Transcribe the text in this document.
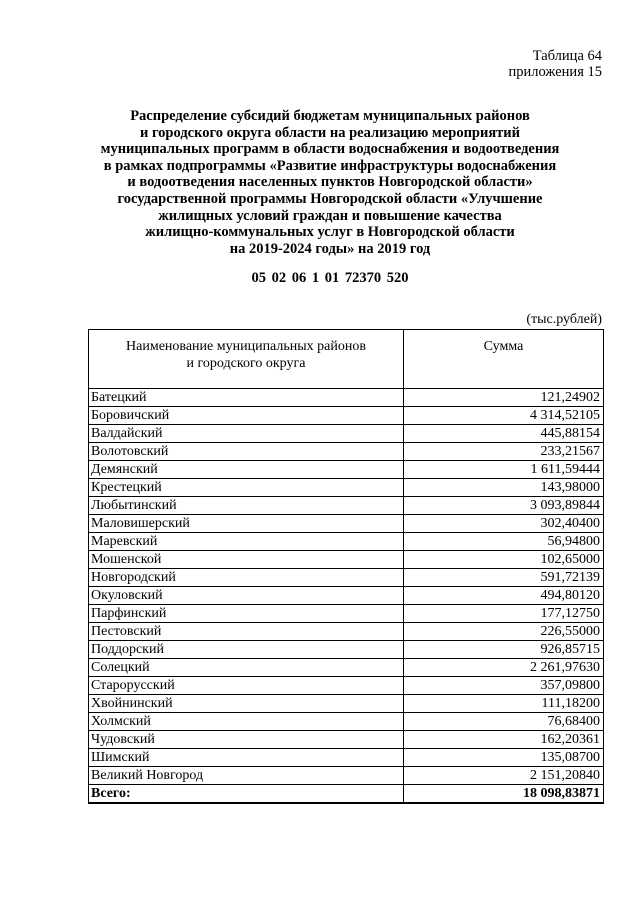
Таблица 64
приложения 15
Распределение субсидий бюджетам муниципальных районов
и городского округа области на реализацию мероприятий
муниципальных программ в области водоснабжения и водоотведения
в рамках подпрограммы «Развитие инфраструктуры водоснабжения
и водоотведения населенных пунктов Новгородской области»
государственной программы Новгородской области «Улучшение
жилищных условий граждан и повышение качества
жилищно-коммунальных услуг в Новгородской области
на 2019-2024 годы» на 2019 год
05 02 06 1 01 72370 520
(тыс.рублей)
Наименование муниципальных районов
и городского округа	Сумма
Батецкий	121,24902
Боровичский	4 314,52105
Валдайский	445,88154
Волотовский	233,21567
Демянский	1 611,59444
Крестецкий	143,98000
Любытинский	3 093,89844
Маловишерский	302,40400
Маревский	56,94800
Мошенской	102,65000
Новгородский	591,72139
Окуловский	494,80120
Парфинский	177,12750
Пестовский	226,55000
Поддорский	926,85715
Солецкий	2 261,97630
Старорусский	357,09800
Хвойнинский	111,18200
Холмский	76,68400
Чудовский	162,20361
Шимский	135,08700
Великий Новгород	2 151,20840
Всего:	18 098,83871
